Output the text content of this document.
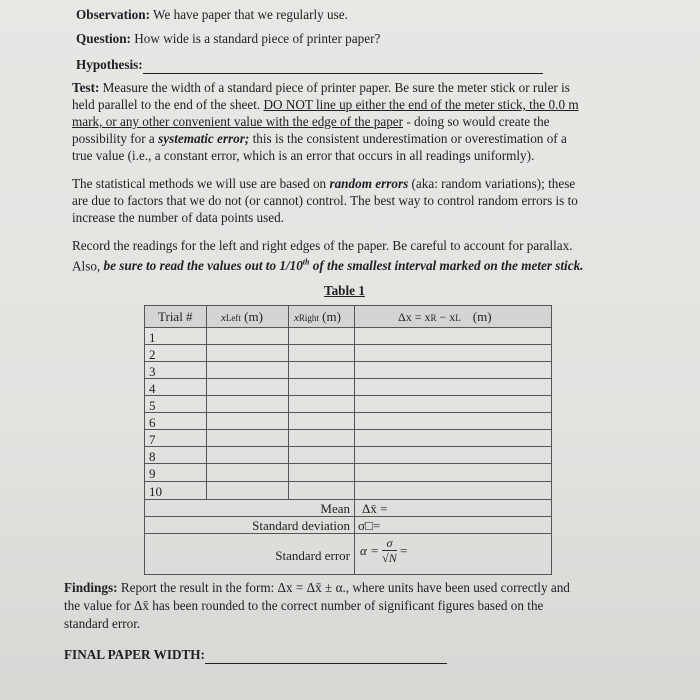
Observation: We have paper that we regularly use.
Question: How wide is a standard piece of printer paper?
Hypothesis:
Test: Measure the width of a standard piece of printer paper. Be sure the meter stick or ruler is
held parallel to the end of the sheet. DO NOT line up either the end of the meter stick, the 0.0 m
mark, or any other convenient value with the edge of the paper - doing so would create the
possibility for a systematic error; this is the consistent underestimation or overestimation of a
true value (i.e., a constant error, which is an error that occurs in all readings uniformly).
The statistical methods we will use are based on random errors (aka: random variations); these
are due to factors that we do not (or cannot) control. The best way to control random errors is to
increase the number of data points used.
Record the readings for the left and right edges of the paper. Be careful to account for parallax.
Also, be sure to read the values out to 1/10th of the smallest interval marked on the meter stick.
Table 1
Trial #	xLeft (m)	xRight (m)	Δx = xR − xL (m)
1
2
3
4
5
6
7
8
9
10
Mean Δx̄ =
Standard deviation σ□=
Standard error $\alpha = \frac{\sigma}{√N}$ =
Findings: Report the result in the form: Δx = Δx̄ ± α., where units have been used correctly and
the value for Δx̄ has been rounded to the correct number of significant figures based on the
standard error.
FINAL PAPER WIDTH:
